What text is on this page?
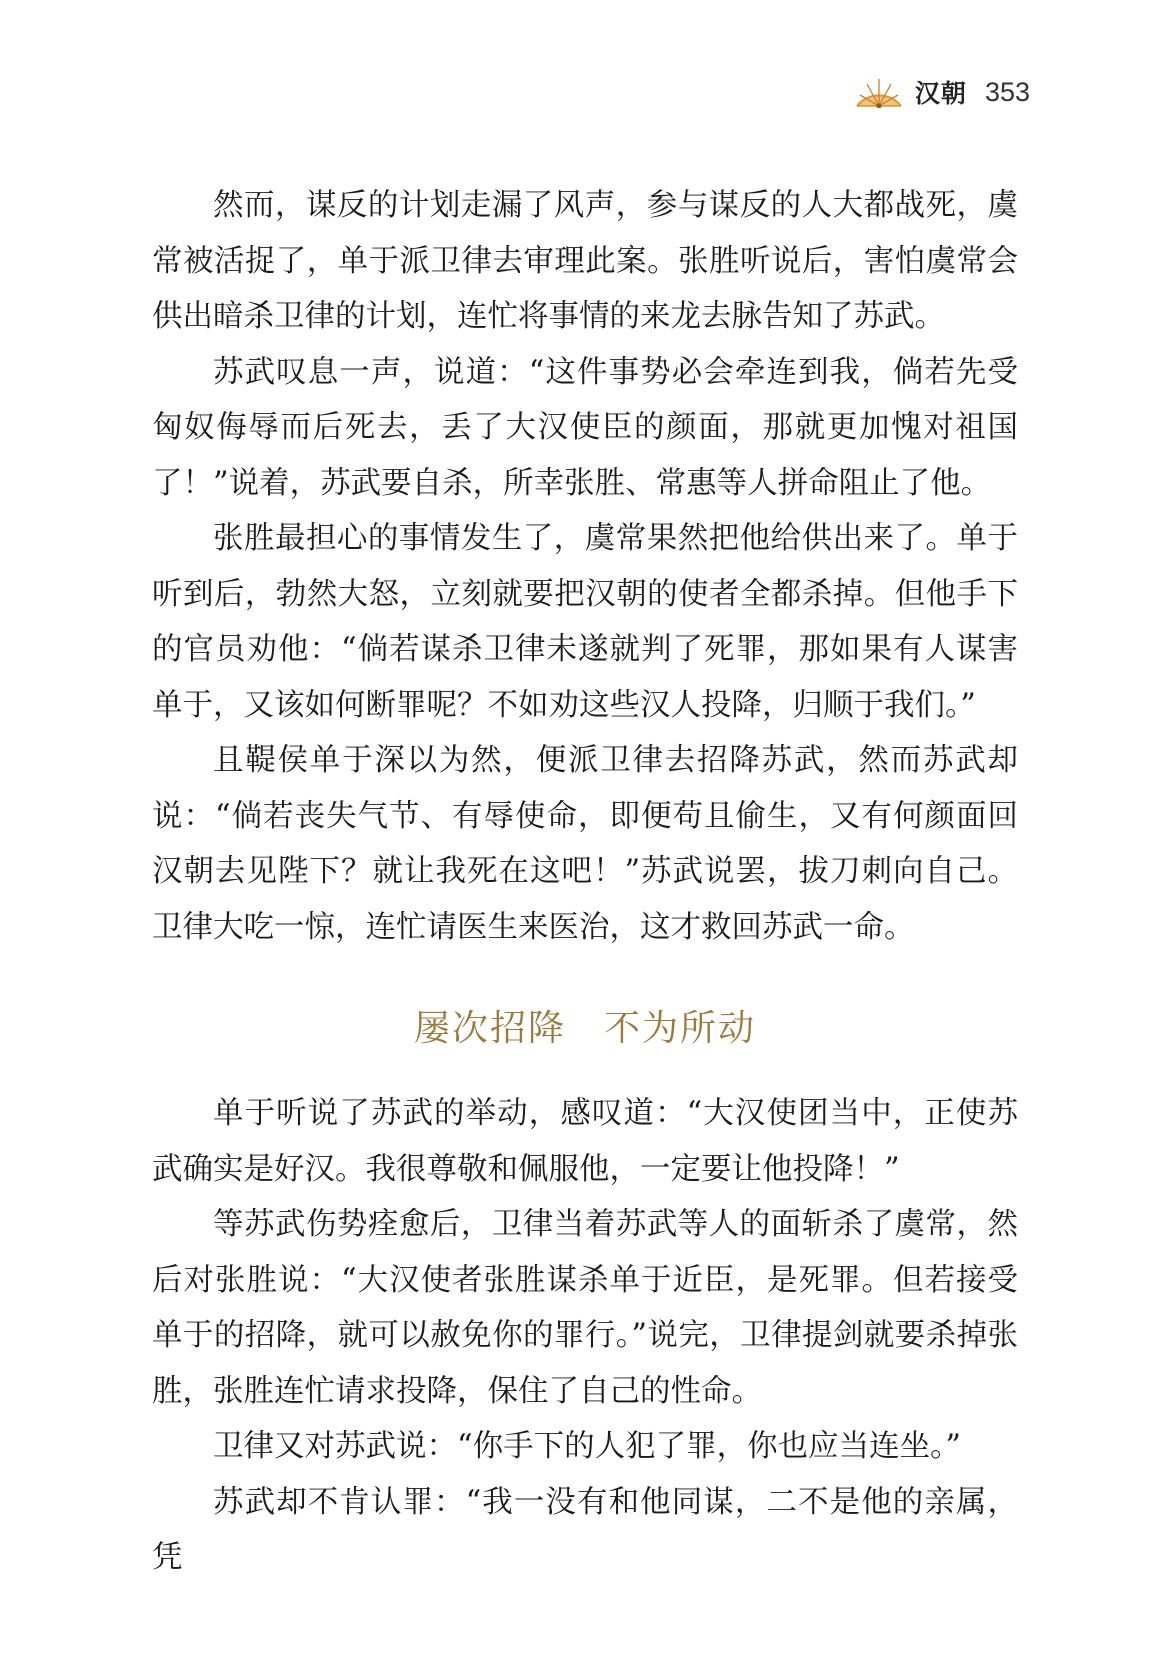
汉朝 353

然而，谋反的计划走漏了风声，参与谋反的人大都战死，虞常被活捉了，单于派卫律去审理此案。张胜听说后，害怕虞常会供出暗杀卫律的计划，连忙将事情的来龙去脉告知了苏武。

苏武叹息一声，说道：“这件事势必会牵连到我，倘若先受匈奴侮辱而后死去，丢了大汉使臣的颜面，那就更加愧对祖国了！”说着，苏武要自杀，所幸张胜、常惠等人拼命阻止了他。

张胜最担心的事情发生了，虞常果然把他给供出来了。单于听到后，勃然大怒，立刻就要把汉朝的使者全都杀掉。但他手下的官员劝他：“倘若谋杀卫律未遂就判了死罪，那如果有人谋害单于，又该如何断罪呢？不如劝这些汉人投降，归顺于我们。”

且鞮侯单于深以为然，便派卫律去招降苏武，然而苏武却说：“倘若丧失气节、有辱使命，即便苟且偷生，又有何颜面回汉朝去见陛下？就让我死在这吧！”苏武说罢，拔刀刺向自己。卫律大吃一惊，连忙请医生来医治，这才救回苏武一命。

屡次招降　不为所动

单于听说了苏武的举动，感叹道：“大汉使团当中，正使苏武确实是好汉。我很尊敬和佩服他，一定要让他投降！”

等苏武伤势痊愈后，卫律当着苏武等人的面斩杀了虞常，然后对张胜说：“大汉使者张胜谋杀单于近臣，是死罪。但若接受单于的招降，就可以赦免你的罪行。”说完，卫律提剑就要杀掉张胜，张胜连忙请求投降，保住了自己的性命。

卫律又对苏武说：“你手下的人犯了罪，你也应当连坐。”

苏武却不肯认罪：“我一没有和他同谋，二不是他的亲属，凭
